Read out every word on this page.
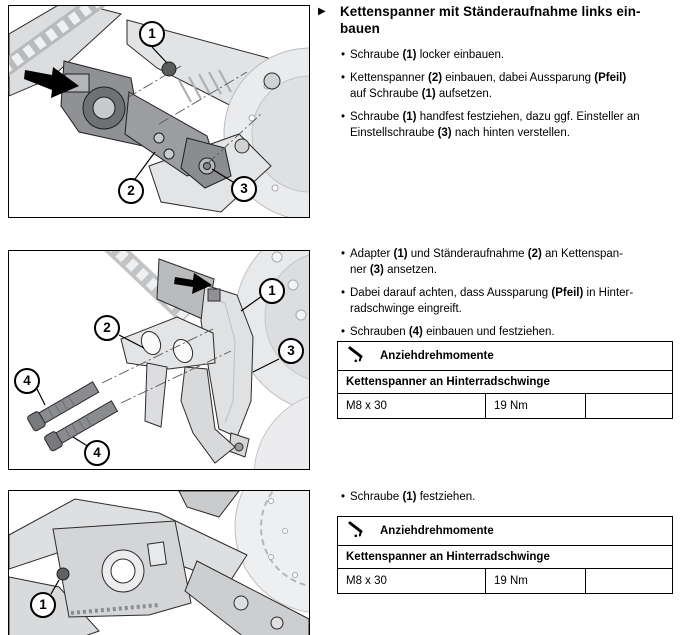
1
2	3
1
2
3
4
4
1
▶	Kettenspanner mit Ständeraufnahme links ein-
bauen
• Schraube (1) locker einbauen.
• Kettenspanner (2) einbauen, dabei Aussparung (Pfeil)
auf Schraube (1) aufsetzen.
• Schraube (1) handfest festziehen, dazu ggf. Einsteller an
Einstellschraube (3) nach hinten verstellen.
• Adapter (1) und Ständeraufnahme (2) an Kettenspan-
ner (3) ansetzen.
• Dabei darauf achten, dass Aussparung (Pfeil) in Hinter-
radschwinge eingreift.
• Schrauben (4) einbauen und festziehen.
Anziehdrehmomente
Kettenspanner an Hinterradschwinge
M8 x 30	19 Nm	
• Schraube (1) festziehen.
Anziehdrehmomente
Kettenspanner an Hinterradschwinge
M8 x 30	19 Nm	
